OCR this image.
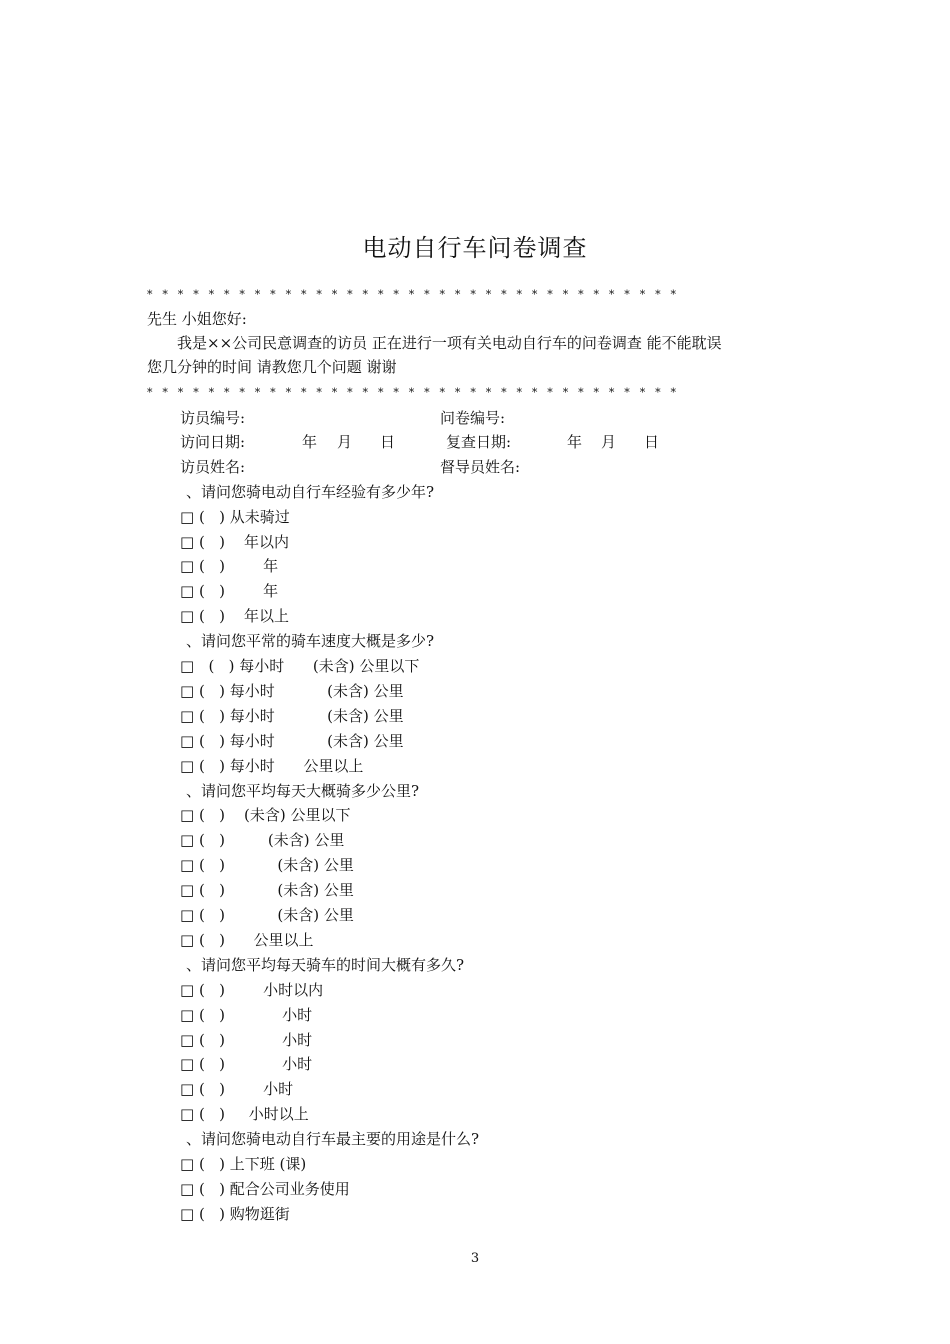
电动自行车问卷调查
* * * * * * * * * * * * * * * * * * * * * * * * * * * * * * * * * * *
先生 小姐您好:
　　我是××公司民意调查的访员 正在进行一项有关电动自行车的问卷调查 能不能耽误
您几分钟的时间 请教您几个问题 谢谢
* * * * * * * * * * * * * * * * * * * * * * * * * * * * * * * * * * *
访员编号:	问卷编号:
访问日期:	年 月 日	复查日期:	年 月 日
访员姓名:	督导员姓名:
、请问您骑电动自行车经验有多少年?
□ (   ) 从未骑过
□ (   )    年以内
□ (   )        年
□ (   )        年
□ (   )    年以上
、请问您平常的骑车速度大概是多少?
□   (   ) 每小时      (未含) 公里以下
□ (   ) 每小时           (未含) 公里
□ (   ) 每小时           (未含) 公里
□ (   ) 每小时           (未含) 公里
□ (   ) 每小时      公里以上
、请问您平均每天大概骑多少公里?
□ (   )    (未含) 公里以下
□ (   )         (未含) 公里
□ (   )           (未含) 公里
□ (   )           (未含) 公里
□ (   )           (未含) 公里
□ (   )      公里以上
、请问您平均每天骑车的时间大概有多久?
□ (   )        小时以内
□ (   )            小时
□ (   )            小时
□ (   )            小时
□ (   )        小时
□ (   )     小时以上
、请问您骑电动自行车最主要的用途是什么?
□ (   ) 上下班 (课)
□ (   ) 配合公司业务使用
□ (   ) 购物逛街
3
